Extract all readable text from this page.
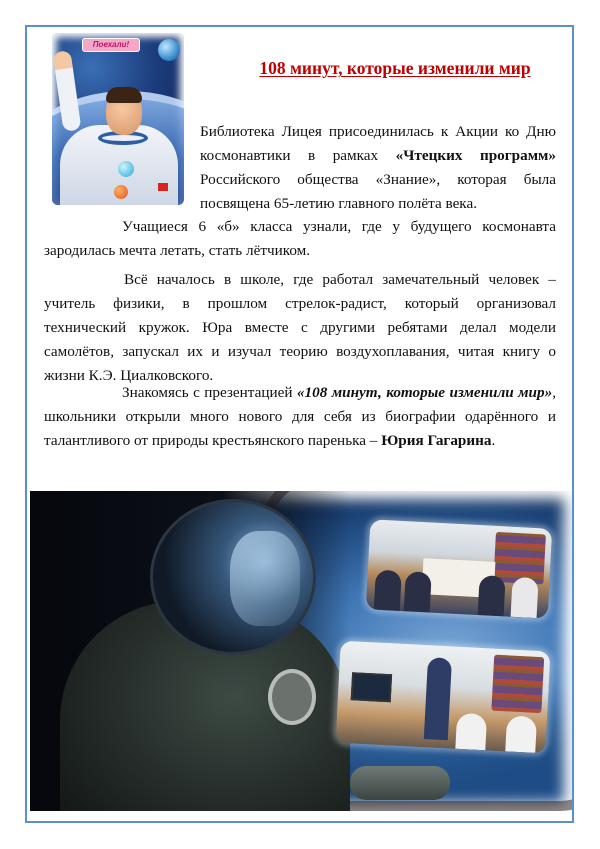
Поехали!
108 минут, которые изменили мир
Библиотека Лицея присоединилась к Акции ко Дню космонавтики в рамках «Чтецких программ» Российского общества «Знание», которая была посвящена 65-летию главного полёта века.
Учащиеся 6 «б» класса узнали, где у будущего космонавта зародилась мечта летать, стать лётчиком.
Всё началось в школе, где работал замечательный человек – учитель физики, в прошлом стрелок-радист, который организовал технический кружок. Юра вместе с другими ребятами делал модели самолётов, запускал их и изучал теорию воздухоплавания, читая книгу о жизни К.Э. Циалковского.
Знакомясь с презентацией «108 минут, которые изменили мир», школьники открыли много нового для себя из биографии одарённого и талантливого от природы крестьянского паренька – Юрия Гагарина.
